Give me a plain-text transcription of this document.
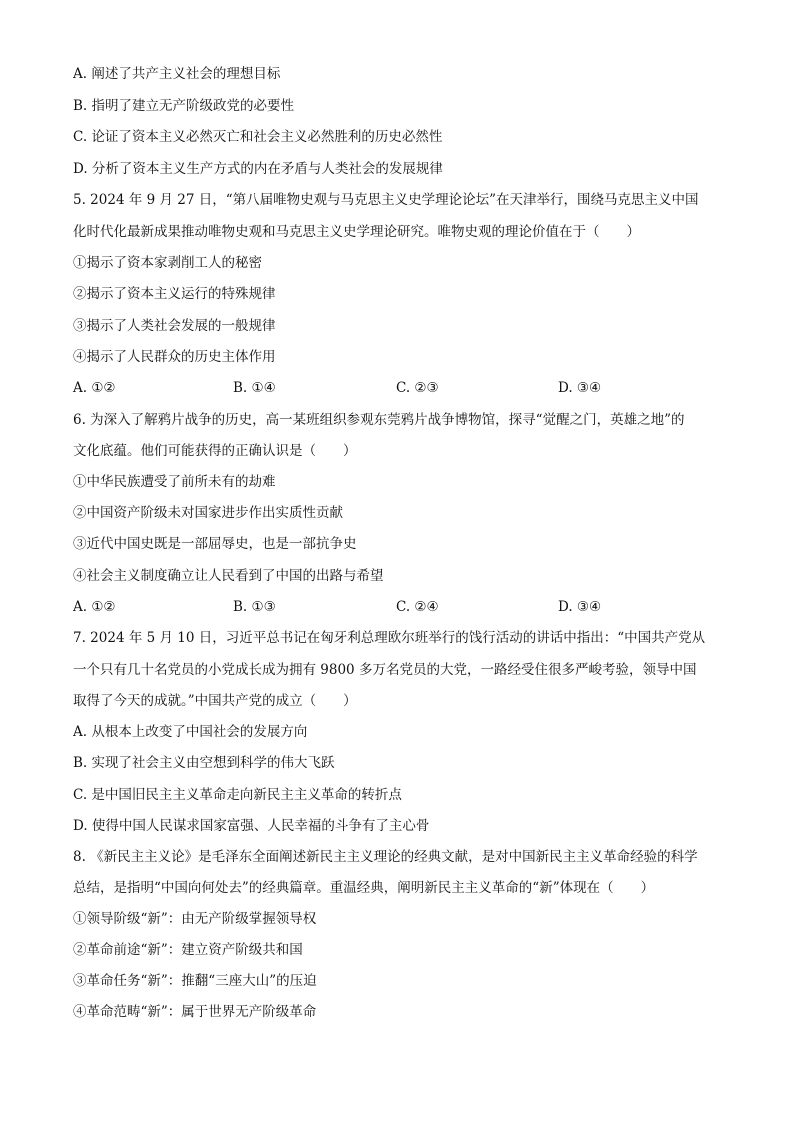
A. 阐述了共产主义社会的理想目标
B. 指明了建立无产阶级政党的必要性
C. 论证了资本主义必然灭亡和社会主义必然胜利的历史必然性
D. 分析了资本主义生产方式的内在矛盾与人类社会的发展规律
5. 2024 年 9 月 27 日，“第八届唯物史观与马克思主义史学理论论坛”在天津举行，围绕马克思主义中国
化时代化最新成果推动唯物史观和马克思主义史学理论研究。唯物史观的理论价值在于（　　）
①揭示了资本家剥削工人的秘密
②揭示了资本主义运行的特殊规律
③揭示了人类社会发展的一般规律
④揭示了人民群众的历史主体作用
A. ①②	B. ①④	C. ②③	D. ③④
6. 为深入了解鸦片战争的历史，高一某班组织参观东莞鸦片战争博物馆，探寻“觉醒之门，英雄之地”的
文化底蕴。他们可能获得的正确认识是（　　）
①中华民族遭受了前所未有的劫难
②中国资产阶级未对国家进步作出实质性贡献
③近代中国史既是一部屈辱史，也是一部抗争史
④社会主义制度确立让人民看到了中国的出路与希望
A. ①②	B. ①③	C. ②④	D. ③④
7. 2024 年 5 月 10 日，习近平总书记在匈牙利总理欧尔班举行的饯行活动的讲话中指出：“中国共产党从
一个只有几十名党员的小党成长成为拥有 9800 多万名党员的大党，一路经受住很多严峻考验，领导中国
取得了今天的成就。”中国共产党的成立（　　）
A. 从根本上改变了中国社会的发展方向
B. 实现了社会主义由空想到科学的伟大飞跃
C. 是中国旧民主主义革命走向新民主主义革命的转折点
D. 使得中国人民谋求国家富强、人民幸福的斗争有了主心骨
8. 《新民主主义论》是毛泽东全面阐述新民主主义理论的经典文献，是对中国新民主主义革命经验的科学
总结，是指明“中国向何处去”的经典篇章。重温经典，阐明新民主主义革命的“新”体现在（　　）
①领导阶级“新”：由无产阶级掌握领导权
②革命前途“新”：建立资产阶级共和国
③革命任务“新”：推翻“三座大山”的压迫
④革命范畴“新”：属于世界无产阶级革命
